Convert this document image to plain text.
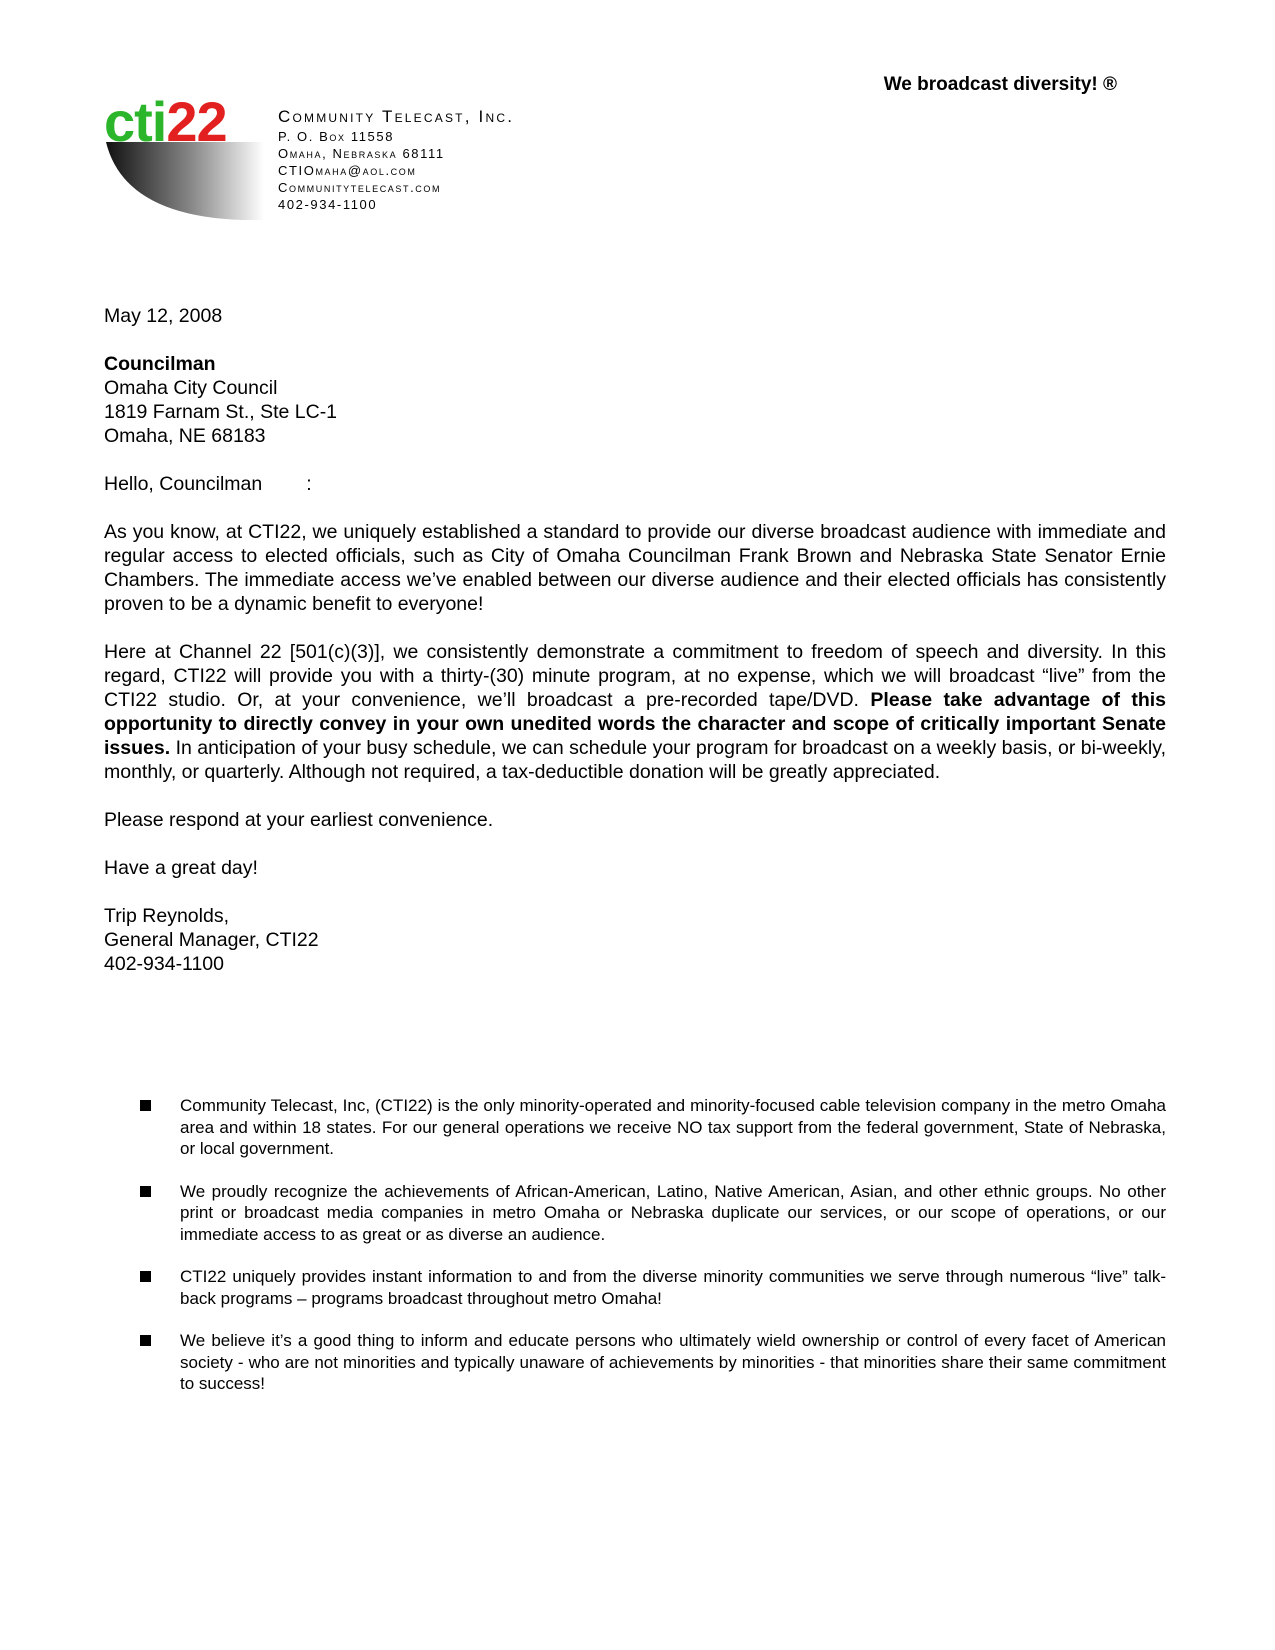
We broadcast diversity! ®
cti22	Community Telecast, Inc.
P. O. Box 11558
Omaha, Nebraska 68111
CTIOmaha@aol.com
Communitytelecast.com
402-934-1100

May 12, 2008

Councilman
Omaha City Council
1819 Farnam St., Ste LC-1
Omaha, NE 68183

Hello, Councilman :

As you know, at CTI22, we uniquely established a standard to provide our diverse broadcast audience with immediate and regular access to elected officials, such as City of Omaha Councilman Frank Brown and Nebraska State Senator Ernie Chambers. The immediate access we’ve enabled between our diverse audience and their elected officials has consistently proven to be a dynamic benefit to everyone!

Here at Channel 22 [501(c)(3)], we consistently demonstrate a commitment to freedom of speech and diversity. In this regard, CTI22 will provide you with a thirty-(30) minute program, at no expense, which we will broadcast “live” from the CTI22 studio. Or, at your convenience, we’ll broadcast a pre-recorded tape/DVD. Please take advantage of this opportunity to directly convey in your own unedited words the character and scope of critically important Senate issues. In anticipation of your busy schedule, we can schedule your program for broadcast on a weekly basis, or bi-weekly, monthly, or quarterly. Although not required, a tax-deductible donation will be greatly appreciated.

Please respond at your earliest convenience.

Have a great day!

Trip Reynolds,
General Manager, CTI22
402-934-1100

Community Telecast, Inc, (CTI22) is the only minority-operated and minority-focused cable television company in the metro Omaha area and within 18 states. For our general operations we receive NO tax support from the federal government, State of Nebraska, or local government.
We proudly recognize the achievements of African-American, Latino, Native American, Asian, and other ethnic groups. No other print or broadcast media companies in metro Omaha or Nebraska duplicate our services, or our scope of operations, or our immediate access to as great or as diverse an audience.
CTI22 uniquely provides instant information to and from the diverse minority communities we serve through numerous “live” talk-back programs – programs broadcast throughout metro Omaha!
We believe it’s a good thing to inform and educate persons who ultimately wield ownership or control of every facet of American society - who are not minorities and typically unaware of achievements by minorities - that minorities share their same commitment to success!
